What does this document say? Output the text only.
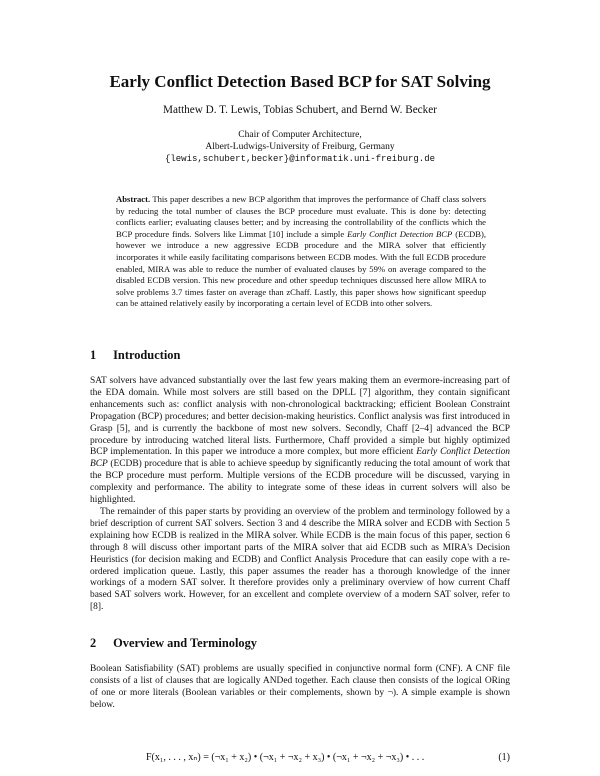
Early Conflict Detection Based BCP for SAT Solving
Matthew D. T. Lewis, Tobias Schubert, and Bernd W. Becker
Chair of Computer Architecture,
Albert-Ludwigs-University of Freiburg, Germany
{lewis,schubert,becker}@informatik.uni-freiburg.de
Abstract. This paper describes a new BCP algorithm that improves the performance of Chaff class solvers by reducing the total number of clauses the BCP procedure must evaluate. This is done by: detecting conflicts earlier; evaluating clauses better; and by increasing the controllability of the conflicts which the BCP procedure finds. Solvers like Limmat [10] include a simple Early Conflict Detection BCP (ECDB), however we introduce a new aggressive ECDB procedure and the MIRA solver that efficiently incorporates it while easily facilitating comparisons between ECDB modes. With the full ECDB procedure enabled, MIRA was able to reduce the number of evaluated clauses by 59% on average compared to the disabled ECDB version. This new procedure and other speedup techniques discussed here allow MIRA to solve problems 3.7 times faster on average than zChaff. Lastly, this paper shows how significant speedup can be attained relatively easily by incorporating a certain level of ECDB into other solvers.
1 Introduction

SAT solvers have advanced substantially over the last few years making them an evermore-increasing part of the EDA domain. While most solvers are still based on the DPLL [7] algorithm, they contain significant enhancements such as: conflict analysis with non-chronological backtracking; efficient Boolean Constraint Propagation (BCP) procedures; and better decision-making heuristics. Conflict analysis was first introduced in Grasp [5], and is currently the backbone of most new solvers. Secondly, Chaff [2–4] advanced the BCP procedure by introducing watched literal lists. Furthermore, Chaff provided a simple but highly optimized BCP implementation. In this paper we introduce a more complex, but more efficient Early Conflict Detection BCP (ECDB) procedure that is able to achieve speedup by significantly reducing the total amount of work that the BCP procedure must perform. Multiple versions of the ECDB procedure will be discussed, varying in complexity and performance. The ability to integrate some of these ideas in current solvers will also be highlighted.

The remainder of this paper starts by providing an overview of the problem and terminology followed by a brief description of current SAT solvers. Section 3 and 4 describe the MIRA solver and ECDB with Section 5 explaining how ECDB is realized in the MIRA solver. While ECDB is the main focus of this paper, section 6 through 8 will discuss other important parts of the MIRA solver that aid ECDB such as MIRA's Decision Heuristics (for decision making and ECDB) and Conflict Analysis Procedure that can easily cope with a re-ordered implication queue. Lastly, this paper assumes the reader has a thorough knowledge of the inner workings of a modern SAT solver. It therefore provides only a preliminary overview of how current Chaff based SAT solvers work. However, for an excellent and complete overview of a modern SAT solver, refer to [8].

2 Overview and Terminology

Boolean Satisfiability (SAT) problems are usually specified in conjunctive normal form (CNF). A CNF file consists of a list of clauses that are logically ANDed together. Each clause then consists of the logical ORing of one or more literals (Boolean variables or their complements, shown by ¬). A simple example is shown below.

F(x₁, . . . , xₙ) = (¬x₁ + x₂) • (¬x₁ + ¬x₂ + x₃) • (¬x₁ + ¬x₂ + ¬x₃) • . . .	(1)
